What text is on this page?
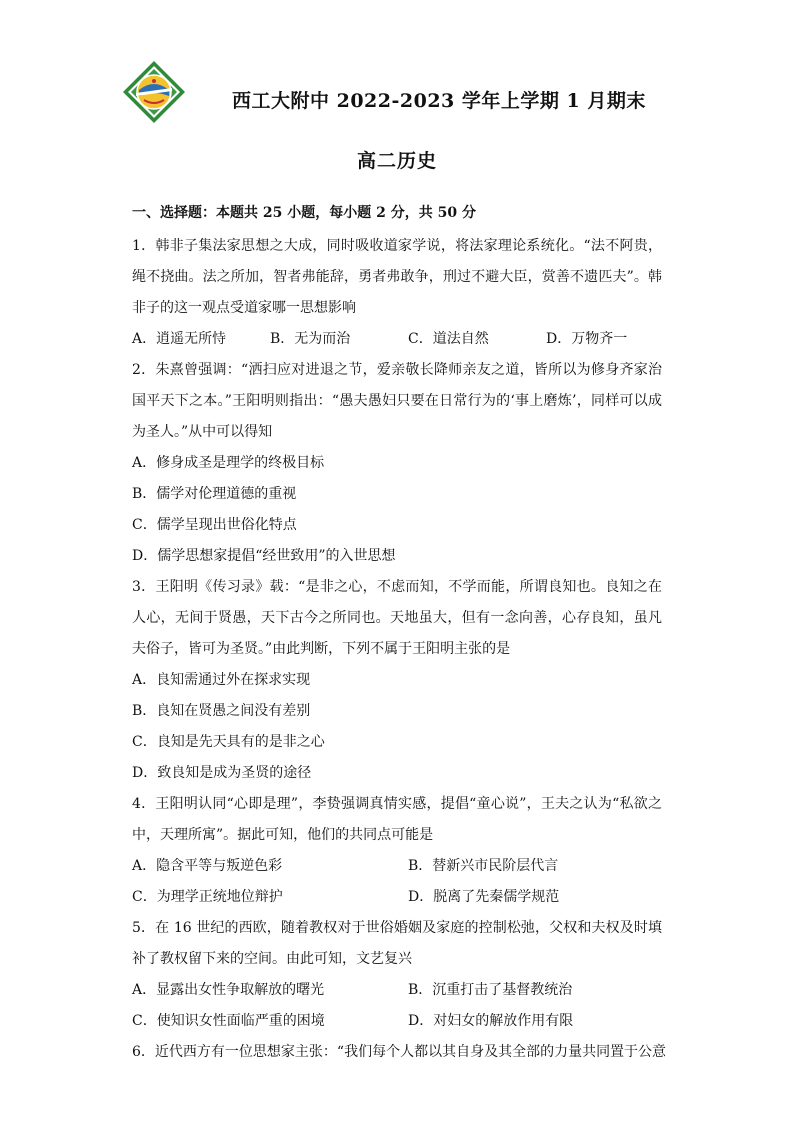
西工大附中 2022-2023 学年上学期 1 月期末
高二历史
一、选择题：本题共 25 小题，每小题 2 分，共 50 分
1．韩非子集法家思想之大成，同时吸收道家学说，将法家理论系统化。“法不阿贵，绳不挠曲。法之所加，智者弗能辞，勇者弗敢争，刑过不避大臣，赏善不遗匹夫”。韩非子的这一观点受道家哪一思想影响
A．逍遥无所恃	B．无为而治	C．道法自然	D．万物齐一
2．朱熹曾强调：“洒扫应对进退之节，爱亲敬长降师亲友之道，皆所以为修身齐家治国平天下之本。”王阳明则指出：“愚夫愚妇只要在日常行为的‘事上磨炼’，同样可以成为圣人。”从中可以得知
A．修身成圣是理学的终极目标
B．儒学对伦理道德的重视
C．儒学呈现出世俗化特点
D．儒学思想家提倡“经世致用”的入世思想
3．王阳明《传习录》载：“是非之心，不虑而知，不学而能，所谓良知也。良知之在人心，无间于贤愚，天下古今之所同也。天地虽大，但有一念向善，心存良知，虽凡夫俗子，皆可为圣贤。”由此判断，下列不属于王阳明主张的是
A．良知需通过外在探求实现
B．良知在贤愚之间没有差别
C．良知是先天具有的是非之心
D．致良知是成为圣贤的途径
4．王阳明认同“心即是理”，李贽强调真情实感，提倡“童心说”，王夫之认为“私欲之中，天理所寓”。据此可知，他们的共同点可能是
A．隐含平等与叛逆色彩	B．替新兴市民阶层代言
C．为理学正统地位辩护	D．脱离了先秦儒学规范
5．在 16 世纪的西欧，随着教权对于世俗婚姻及家庭的控制松弛，父权和夫权及时填补了教权留下来的空间。由此可知，文艺复兴
A．显露出女性争取解放的曙光	B．沉重打击了基督教统治
C．使知识女性面临严重的困境	D．对妇女的解放作用有限
6．近代西方有一位思想家主张：“我们每个人都以其自身及其全部的力量共同置于公意
